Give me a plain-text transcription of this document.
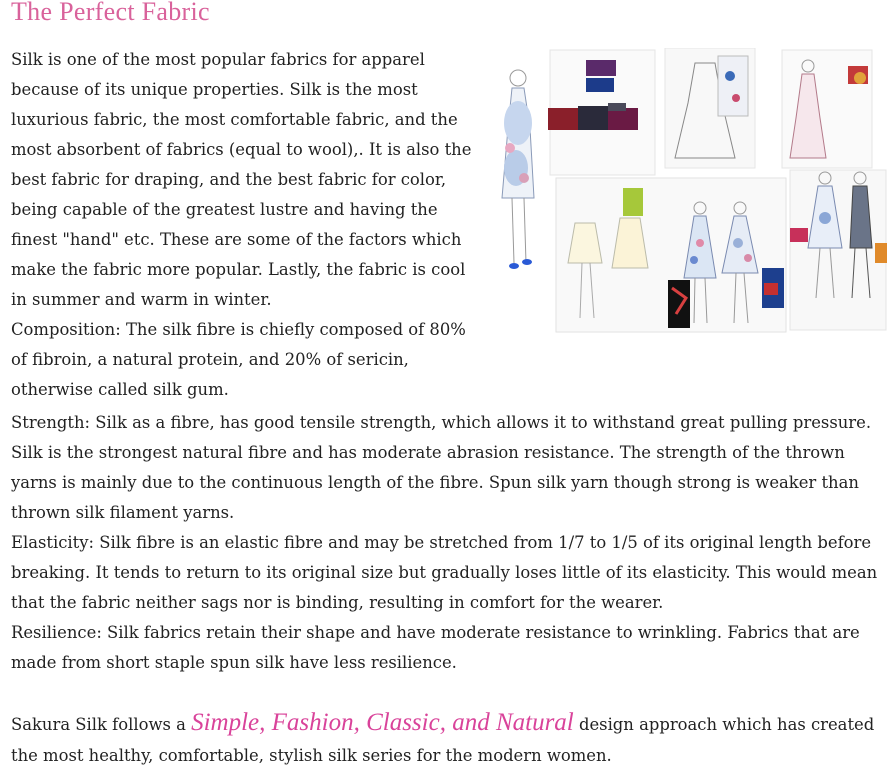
The Perfect Fabric

Silk is one of the most popular fabrics for apparel because of its unique properties. Silk is the most luxurious fabric, the most comfortable fabric, and the most absorbent of fabrics (equal to wool),. It is also the best fabric for draping, and the best fabric for color, being capable of the greatest lustre and having the finest "hand" etc. These are some of the factors which make the fabric more popular. Lastly, the fabric is cool in summer and warm in winter.

Composition: The silk fibre is chiefly composed of 80% of fibroin, a natural protein, and 20% of sericin, otherwise called silk gum.

Strength: Silk as a fibre, has good tensile strength, which allows it to withstand great pulling pressure. Silk is the strongest natural fibre and has moderate abrasion resistance. The strength of the thrown yarns is mainly due to the continuous length of the fibre. Spun silk yarn though strong is weaker than thrown silk filament yarns.

Elasticity: Silk fibre is an elastic fibre and may be stretched from 1/7 to 1/5 of its original length before breaking. It tends to return to its original size but gradually loses little of its elasticity. This would mean that the fabric neither sags nor is binding, resulting in comfort for the wearer.

Resilience: Silk fabrics retain their shape and have moderate resistance to wrinkling. Fabrics that are made from short staple spun silk have less resilience.

Sakura Silk follows a Simple, Fashion, Classic, and Natural design approach which has created the most healthy, comfortable, stylish silk series for the modern women.
